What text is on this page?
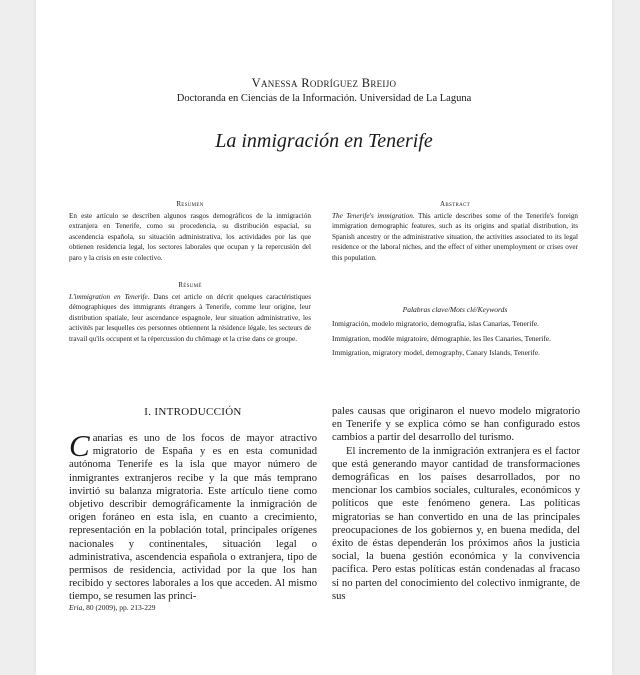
Vanessa Rodríguez Breijo
Doctoranda en Ciencias de la Información. Universidad de La Laguna
La inmigración en Tenerife
Resumen
En este artículo se describen algunos rasgos demográficos de la inmigración extranjera en Tenerife, como su procedencia, su distribución espacial, su ascendencia española, su situación administrativa, los actividades por las que obtienen residencia legal, los sectores laborales que ocupan y la repercusión del paro y la crisis en este colectivo.
Abstract
The Tenerife's immigration. This article describes some of the Tenerife's foreign immigration demographic features, such as its origins and spatial distribution, its Spanish ancestry or the administrative situation, the activities associated to its legal residence or the laboral niches, and the effect of either unemployment or crises over this population.
Résumé
L'immigration en Tenerife. Dans cet article on décrit quelques caractéristiques démographiques des immigrants étrangers à Tenerife, comme leur origine, leur distribution spatiale, leur ascendance espagnole, leur situation administrative, les activités par lesquelles ces personnes obtiennent la résidence légale, les secteurs de travail qu'ils occupent et la répercussion du chômage et la crise dans ce groupe.
Palabras clave/Mots clé/Keywords
Inmigración, modelo migratorio, demografía, islas Canarias, Tenerife.
Immigration, modèle migratoire, démographie, les îles Canaries, Tenerife.
Immigration, migratory model, demography, Canary Islands, Tenerife.
I. INTRODUCCIÓN

Canarias es uno de los focos de mayor atractivo migratorio de España y es en esta comunidad autónoma Tenerife es la isla que mayor número de inmigrantes extranjeros recibe y la que más temprano invirtió su balanza migratoria. Este artículo tiene como objetivo describir demográficamente la inmigración de origen foráneo en esta isla, en cuanto a crecimiento, representación en la población total, principales orígenes nacionales y continentales, situación legal o administrativa, ascendencia española o extranjera, tipo de permisos de residencia, actividad por la que los han recibido y sectores laborales a los que acceden. Al mismo tiempo, se resumen las princi-

pales causas que originaron el nuevo modelo migratorio en Tenerife y se explica cómo se han configurado estos cambios a partir del desarrollo del turismo.

El incremento de la inmigración extranjera es el factor que está generando mayor cantidad de transformaciones demográficas en los países desarrollados, por no mencionar los cambios sociales, culturales, económicos y políticos que este fenómeno genera. Las políticas migratorias se han convertido en una de las principales preocupaciones de los gobiernos y, en buena medida, del éxito de éstas dependerán los próximos años la justicia social, la buena gestión económica y la convivencia pacífica. Pero estas políticas están condenadas al fracaso si no parten del conocimiento del colectivo inmigrante, de sus

Eria, 80 (2009), pp. 213-229
